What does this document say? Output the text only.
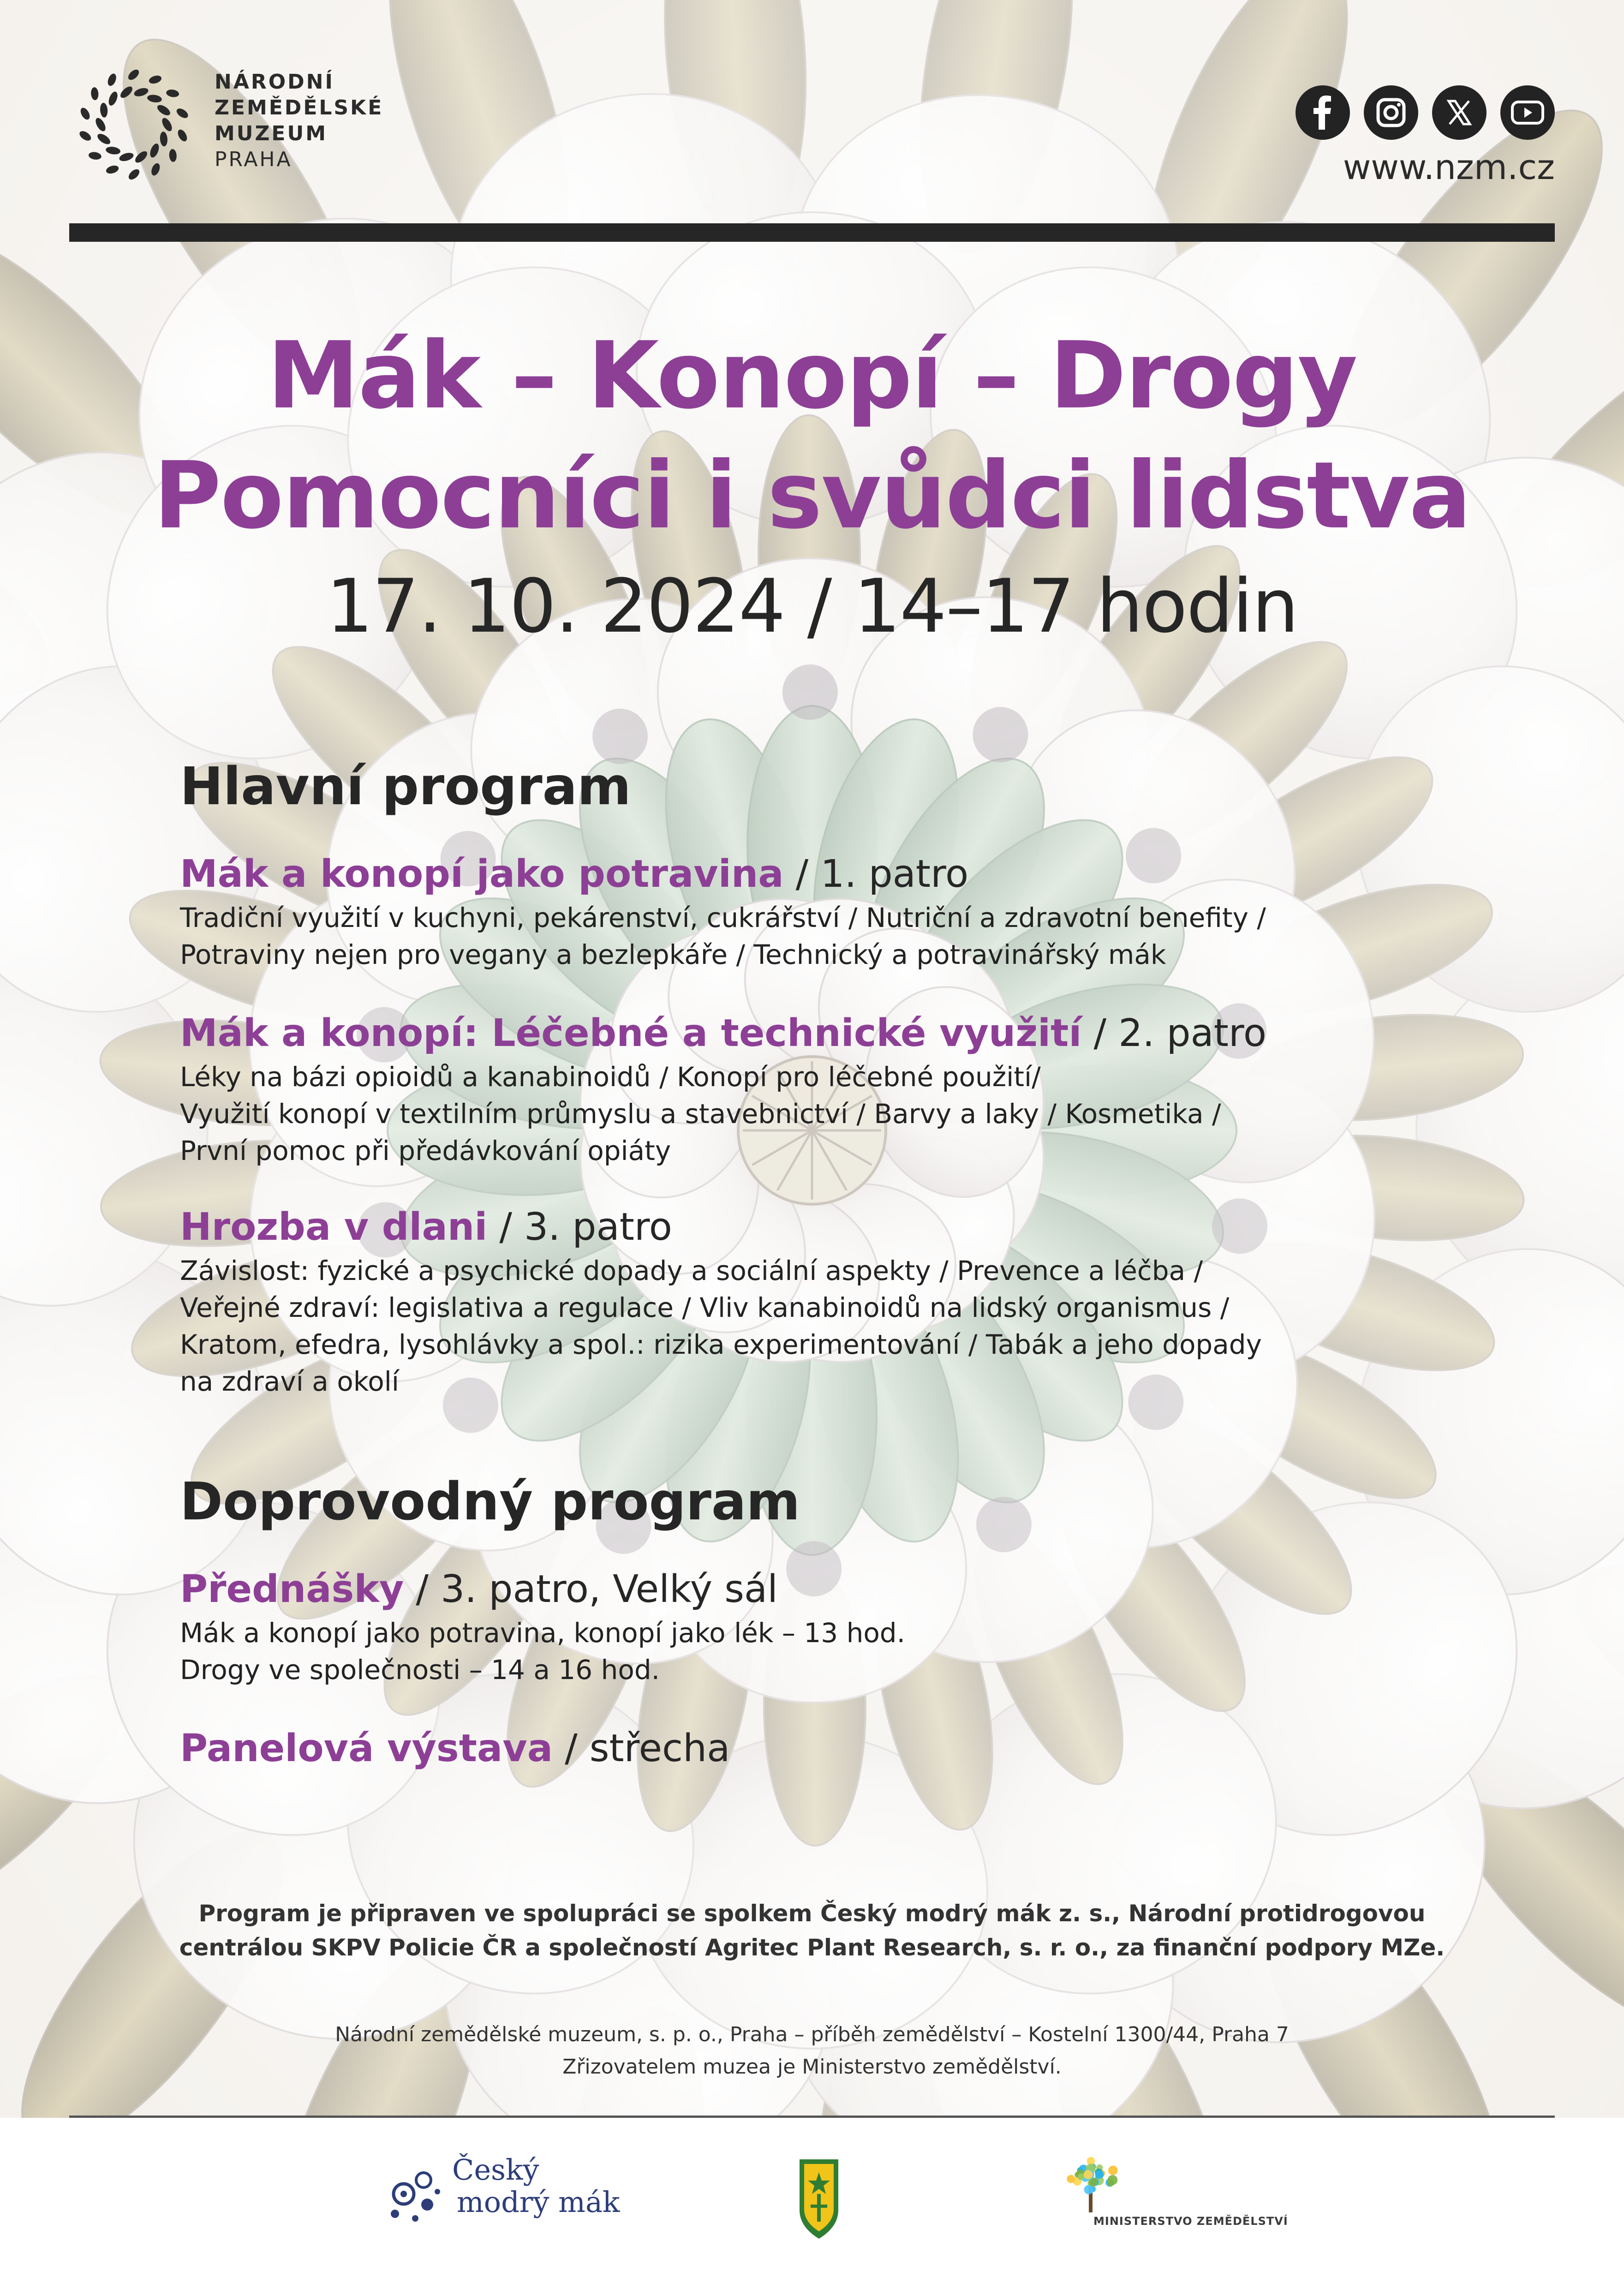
NÁRODNÍ
ZEMĚDĚLSKÉ
MUZEUM
PRAHA	www.nzm.cz
Mák – Konopí – Drogy
Pomocníci i svůdci lidstva
17. 10. 2024 / 14–17 hodin
Hlavní program
Mák a konopí jako potravina / 1. patro
Tradiční využití v kuchyni, pekárenství, cukrářství / Nutriční a zdravotní benefity /
Potraviny nejen pro vegany a bezlepkáře / Technický a potravinářský mák
Mák a konopí: Léčebné a technické využití / 2. patro
Léky na bázi opioidů a kanabinoidů / Konopí pro léčebné použití/
Využití konopí v textilním průmyslu a stavebnictví / Barvy a laky / Kosmetika /
První pomoc při předávkování opiáty
Hrozba v dlani / 3. patro
Závislost: fyzické a psychické dopady a sociální aspekty / Prevence a léčba /
Veřejné zdraví: legislativa a regulace / Vliv kanabinoidů na lidský organismus /
Kratom, efedra, lysohlávky a spol.: rizika experimentování / Tabák a jeho dopady
na zdraví a okolí
Doprovodný program
Přednášky / 3. patro, Velký sál
Mák a konopí jako potravina, konopí jako lék – 13 hod.
Drogy ve společnosti – 14 a 16 hod.
Panelová výstava / střecha
Program je připraven ve spolupráci se spolkem Český modrý mák z. s., Národní protidrogovou
centrálou SKPV Policie ČR a společností Agritec Plant Research, s. r. o., za finanční podpory MZe.
Národní zemědělské muzeum, s. p. o., Praha – příběh zemědělství – Kostelní 1300/44, Praha 7
Zřizovatelem muzea je Ministerstvo zemědělství.
Český
modrý mák
MINISTERSTVO ZEMĚDĚLSTVÍ
